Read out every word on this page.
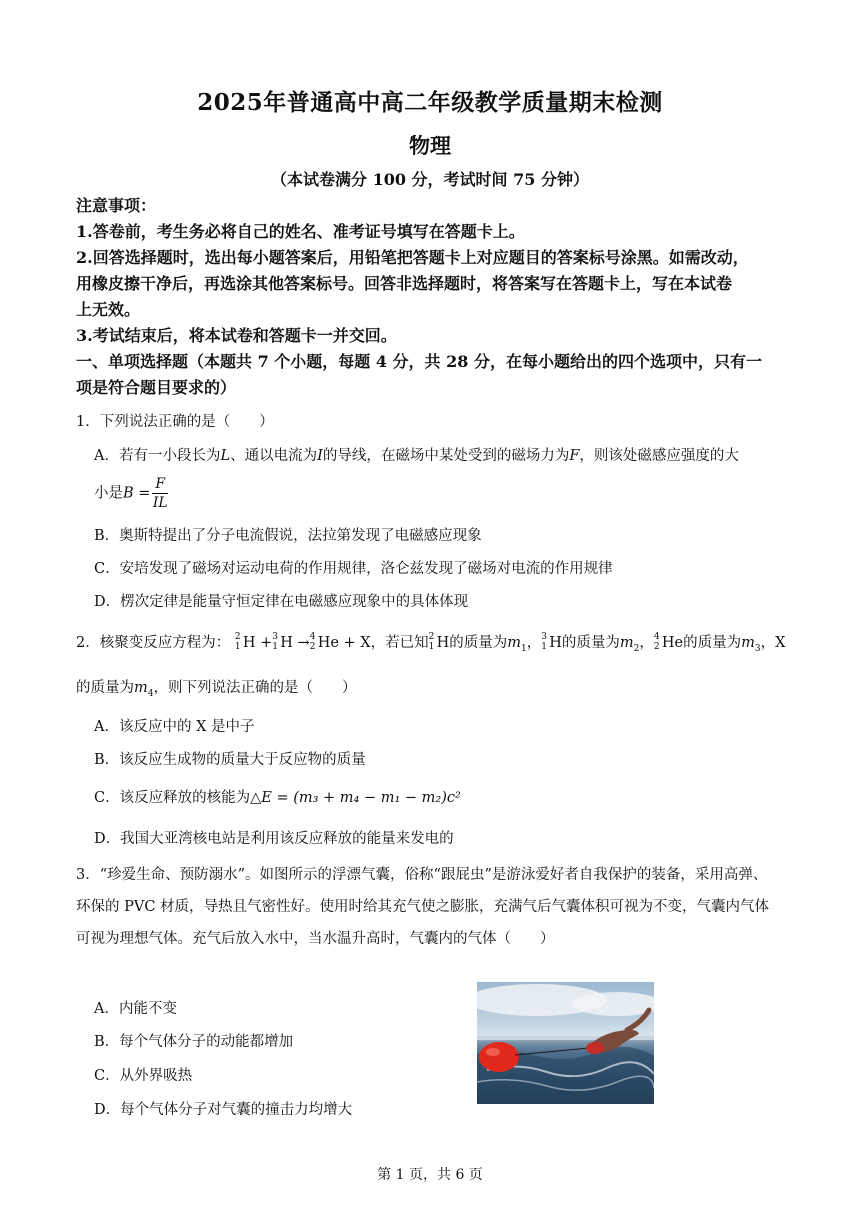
2025年普通高中高二年级教学质量期末检测
物理
（本试卷满分 100 分，考试时间 75 分钟）
注意事项：
1.答卷前，考生务必将自己的姓名、准考证号填写在答题卡上。
2.回答选择题时，选出每小题答案后，用铅笔把答题卡上对应题目的答案标号涂黑。如需改动，
用橡皮擦干净后，再选涂其他答案标号。回答非选择题时，将答案写在答题卡上，写在本试卷
上无效。
3.考试结束后，将本试卷和答题卡一并交回。
一、单项选择题（本题共 7 个小题，每题 4 分，共 28 分，在每小题给出的四个选项中，只有一
项是符合题目要求的）
1．下列说法正确的是（　　）
A．若有一小段长为L、通以电流为I的导线，在磁场中某处受到的磁场力为F，则该处磁感应强度的大
小是$B = \frac{F}{IL}$
B．奥斯特提出了分子电流假说，法拉第发现了电磁感应现象
C．安培发现了磁场对运动电荷的作用规律，洛仑兹发现了磁场对电流的作用规律
D．楞次定律是能量守恒定律在电磁感应现象中的具体体现
2．核聚变反应方程为： 2
1 H + 3
1 H → 4
2 He + X，若已知 2
1 H的质量为$m_1$， 3
1 H的质量为$m_2$， 4
2 He的质量为$m_3$，X
的质量为$m_4$，则下列说法正确的是（　　）
A．该反应中的 X 是中子
B．该反应生成物的质量大于反应物的质量
C．该反应释放的核能为△E = (m₃ + m₄ − m₁ − m₂)c²
D．我国大亚湾核电站是利用该反应释放的能量来发电的
3．“珍爱生命、预防溺水”。如图所示的浮漂气囊，俗称“跟屁虫”是游泳爱好者自我保护的装备，采用高弹、
环保的 PVC 材质，导热且气密性好。使用时给其充气使之膨胀，充满气后气囊体积可视为不变，气囊内气体
可视为理想气体。充气后放入水中，当水温升高时，气囊内的气体（　　）
A．内能不变
B．每个气体分子的动能都增加
C．从外界吸热
D．每个气体分子对气囊的撞击力均增大
第 1 页，共 6 页
